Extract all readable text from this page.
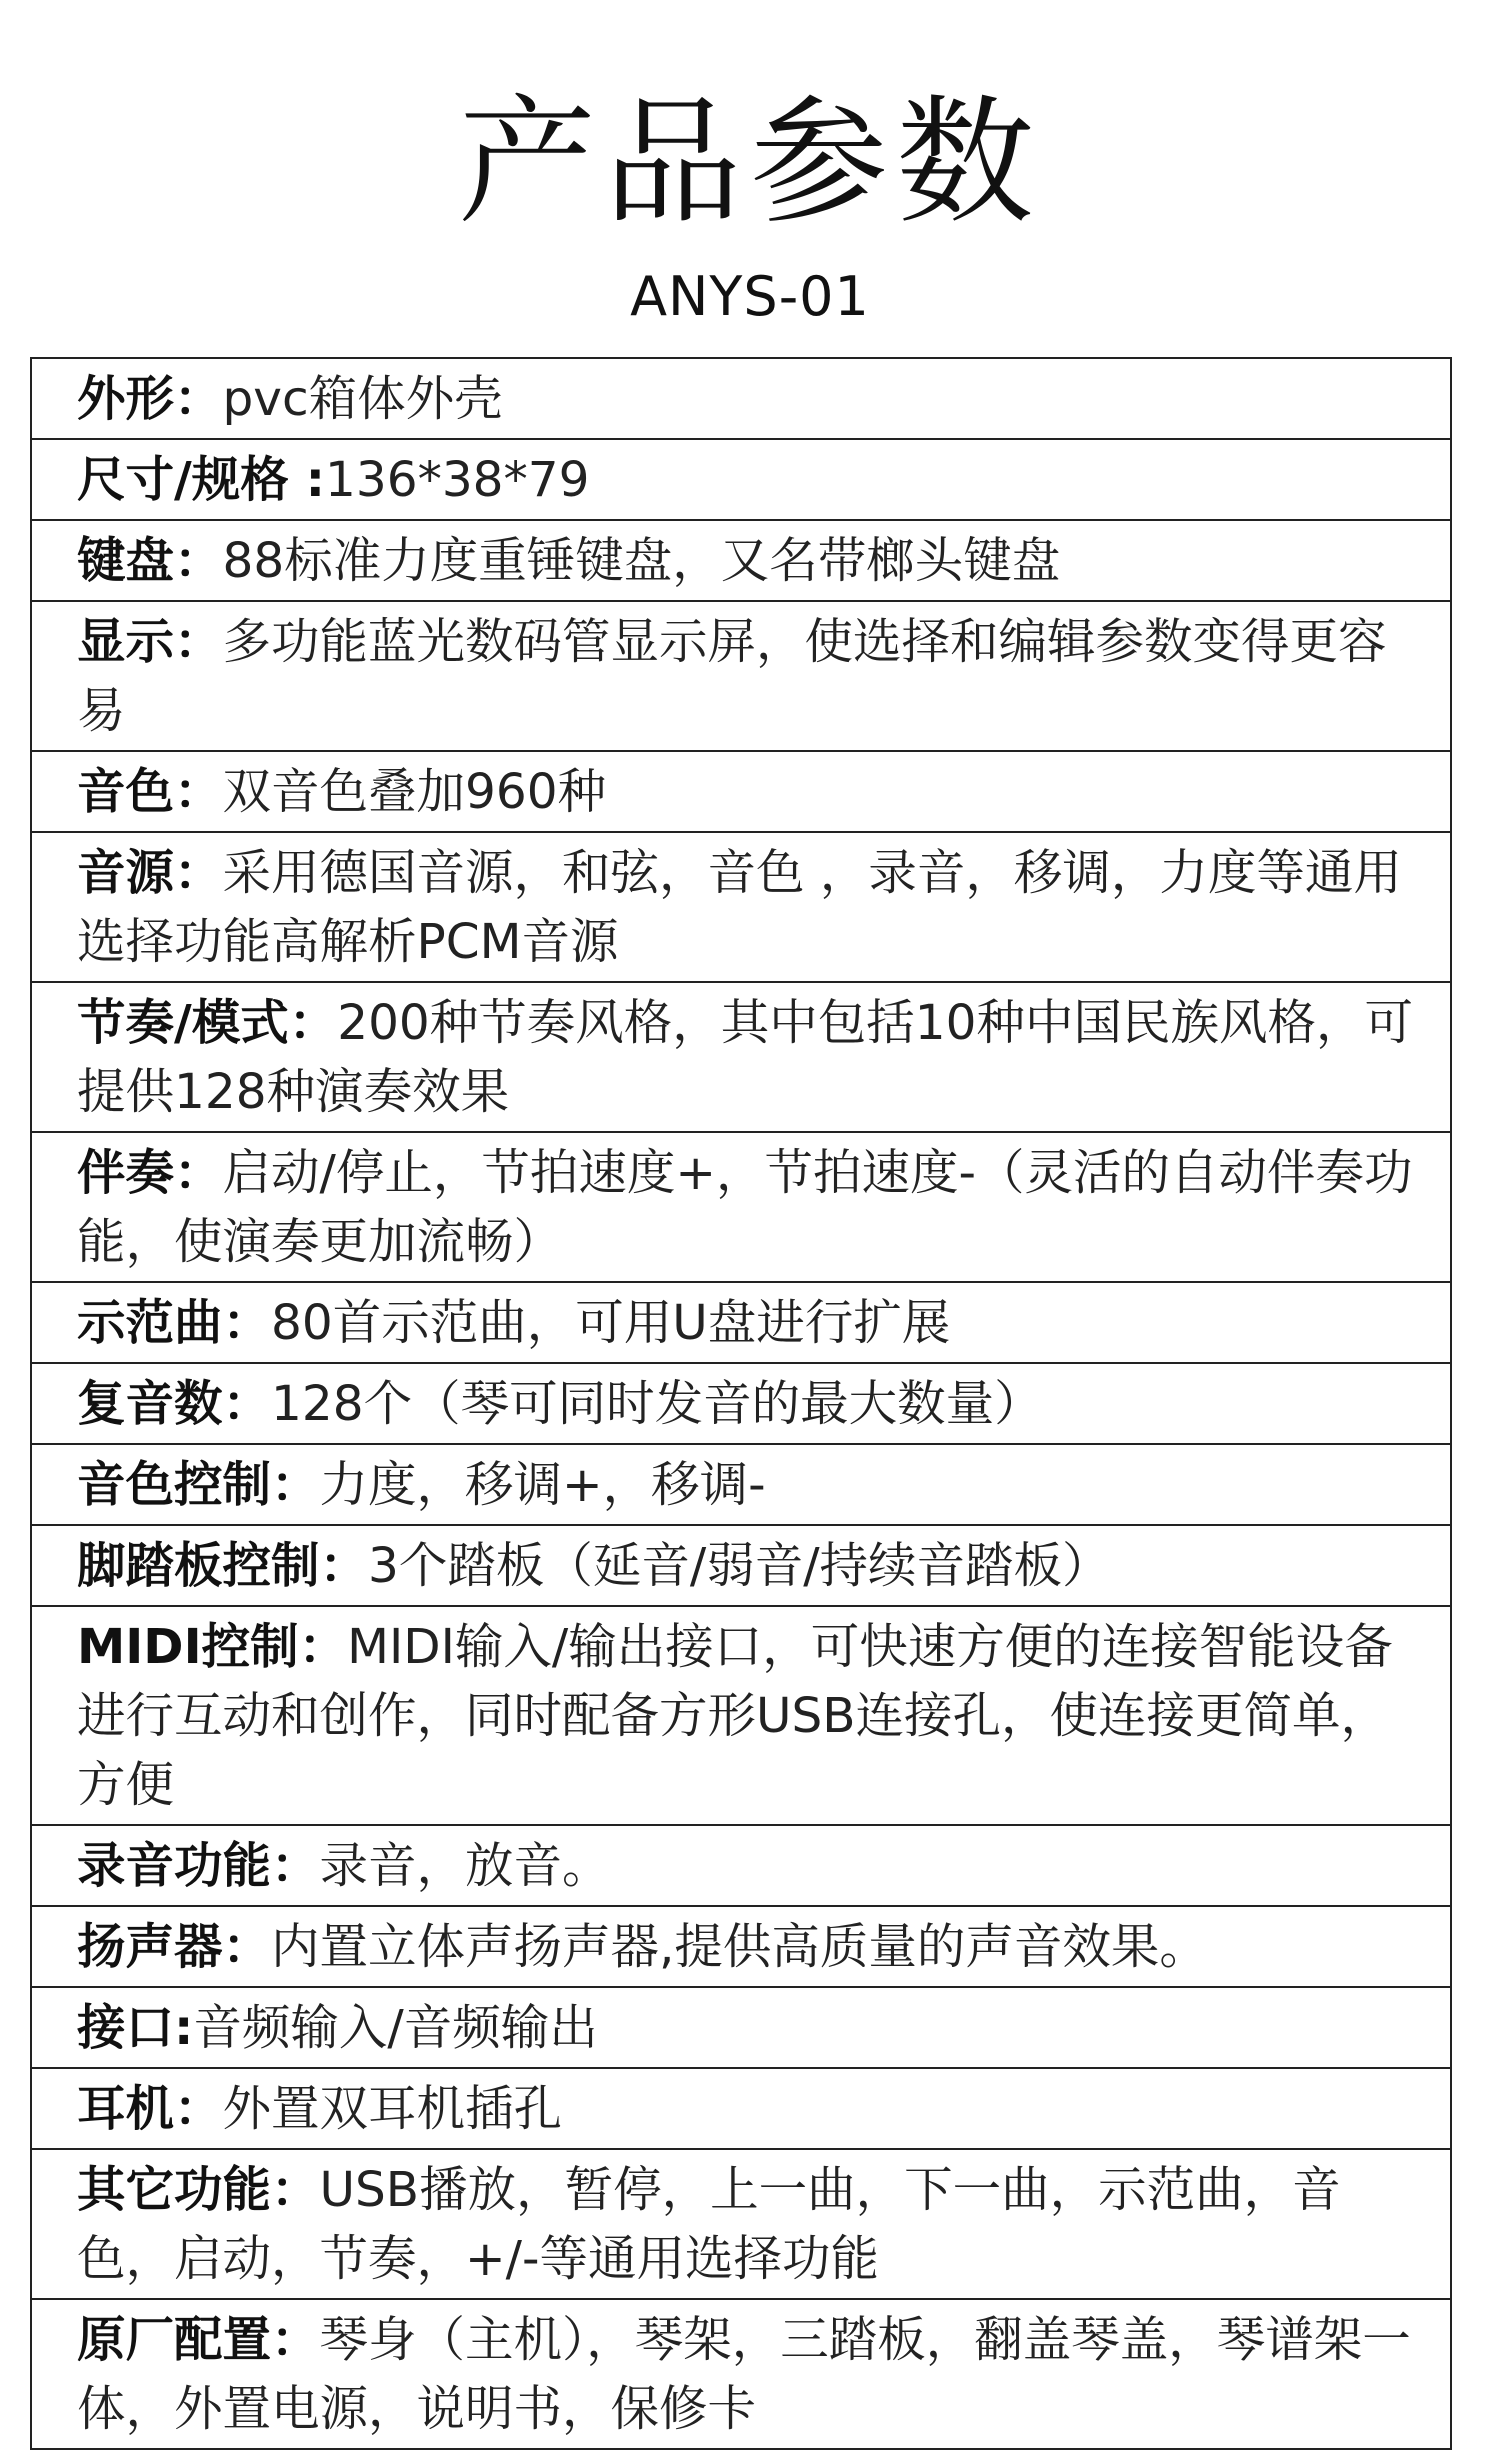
产品参数
ANYS-01
外形：pvc箱体外壳
尺寸/规格 :136*38*79
键盘：88标准力度重锤键盘，又名带榔头键盘
显示：多功能蓝光数码管显示屏，使选择和编辑参数变得更容易
音色：双音色叠加960种
音源：采用德国音源，和弦，音色 ，录音，移调，力度等通用选择功能高解析PCM音源
节奏/模式：200种节奏风格，其中包括10种中国民族风格，可提供128种演奏效果
伴奏：启动/停止，节拍速度+，节拍速度-（灵活的自动伴奏功能，使演奏更加流畅）
示范曲：80首示范曲，可用U盘进行扩展
复音数：128个（琴可同时发音的最大数量）
音色控制：力度，移调+，移调-
脚踏板控制：3个踏板（延音/弱音/持续音踏板）
MIDI控制：MIDI输入/输出接口，可快速方便的连接智能设备进行互动和创作，同时配备方形USB连接孔，使连接更简单，方便
录音功能：录音，放音。
扬声器：内置立体声扬声器,提供高质量的声音效果。
接口:音频输入/音频输出
耳机：外置双耳机插孔
其它功能：USB播放，暂停，上一曲，下一曲，示范曲，音色，启动，节奏，+/-等通用选择功能
原厂配置：琴身（主机），琴架，三踏板，翻盖琴盖，琴谱架一体，外置电源，说明书，保修卡
